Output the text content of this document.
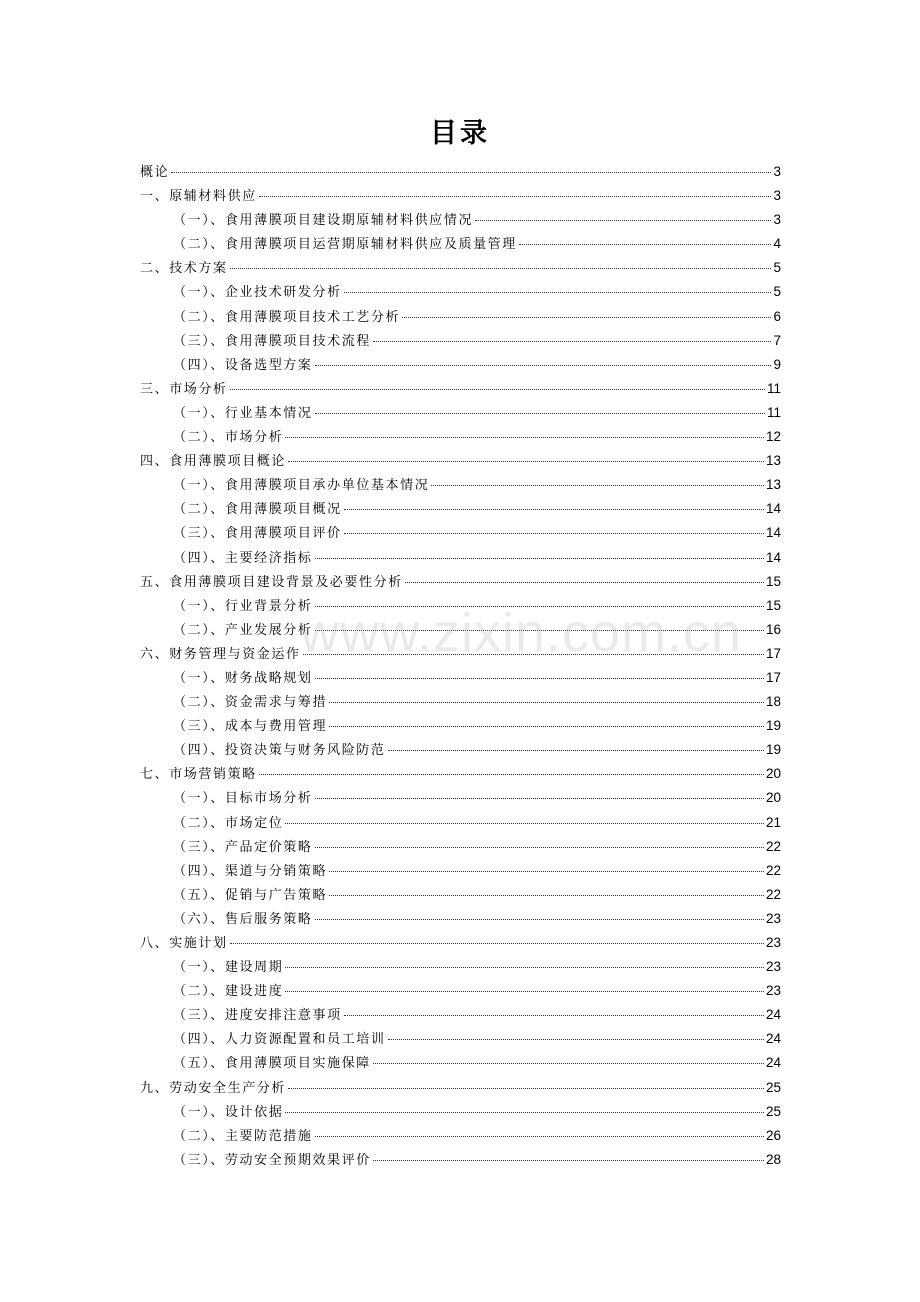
目录
概论	3
一、原辅材料供应	3
（一）、食用薄膜项目建设期原辅材料供应情况	3
（二）、食用薄膜项目运营期原辅材料供应及质量管理	4
二、技术方案	5
（一）、企业技术研发分析	5
（二）、食用薄膜项目技术工艺分析	6
（三）、食用薄膜项目技术流程	7
（四）、设备选型方案	9
三、市场分析	11
（一）、行业基本情况	11
（二）、市场分析	12
四、食用薄膜项目概论	13
（一）、食用薄膜项目承办单位基本情况	13
（二）、食用薄膜项目概况	14
（三）、食用薄膜项目评价	14
（四）、主要经济指标	14
五、食用薄膜项目建设背景及必要性分析	15
（一）、行业背景分析	15
（二）、产业发展分析	16
六、财务管理与资金运作	17
（一）、财务战略规划	17
（二）、资金需求与筹措	18
（三）、成本与费用管理	19
（四）、投资决策与财务风险防范	19
七、市场营销策略	20
（一）、目标市场分析	20
（二）、市场定位	21
（三）、产品定价策略	22
（四）、渠道与分销策略	22
（五）、促销与广告策略	22
（六）、售后服务策略	23
八、实施计划	23
（一）、建设周期	23
（二）、建设进度	23
（三）、进度安排注意事项	24
（四）、人力资源配置和员工培训	24
（五）、食用薄膜项目实施保障	24
九、劳动安全生产分析	25
（一）、设计依据	25
（二）、主要防范措施	26
（三）、劳动安全预期效果评价	28
www.zixin.com.cn
